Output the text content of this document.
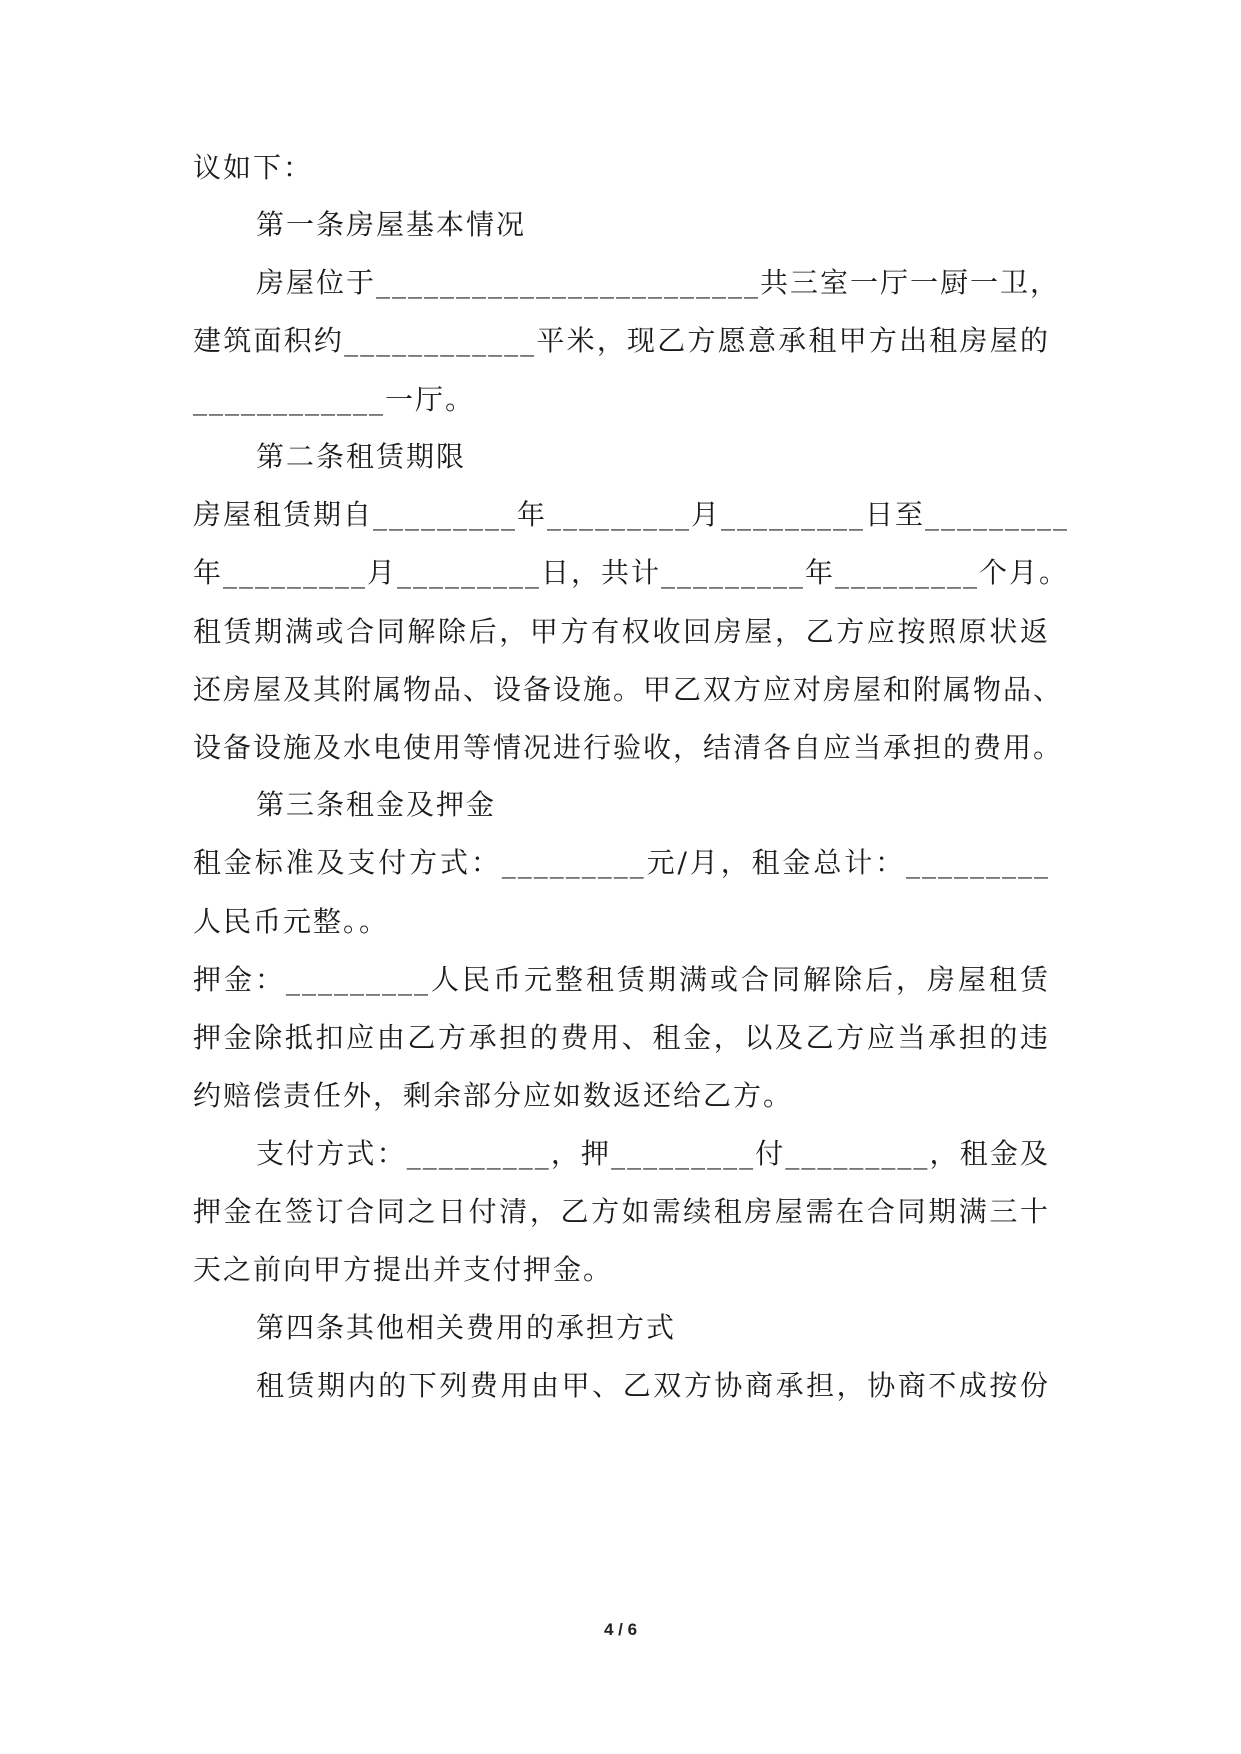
议如下：
第一条房屋基本情况
房屋位于________________________共三室一厅一厨一卫，
建筑面积约____________平米，现乙方愿意承租甲方出租房屋的
____________一厅。
第二条租赁期限
房屋租赁期自_________年_________月_________日至_________
年_________月_________日，共计_________年_________个月。
租赁期满或合同解除后，甲方有权收回房屋，乙方应按照原状返
还房屋及其附属物品、设备设施。甲乙双方应对房屋和附属物品、
设备设施及水电使用等情况进行验收，结清各自应当承担的费用。
第三条租金及押金
租金标准及支付方式：_________元/月，租金总计：_________
人民币元整。。
押金：_________人民币元整租赁期满或合同解除后，房屋租赁
押金除抵扣应由乙方承担的费用、租金，以及乙方应当承担的违
约赔偿责任外，剩余部分应如数返还给乙方。
支付方式：_________，押_________付_________，租金及
押金在签订合同之日付清，乙方如需续租房屋需在合同期满三十
天之前向甲方提出并支付押金。
第四条其他相关费用的承担方式
租赁期内的下列费用由甲、乙双方协商承担，协商不成按份
4 / 6
